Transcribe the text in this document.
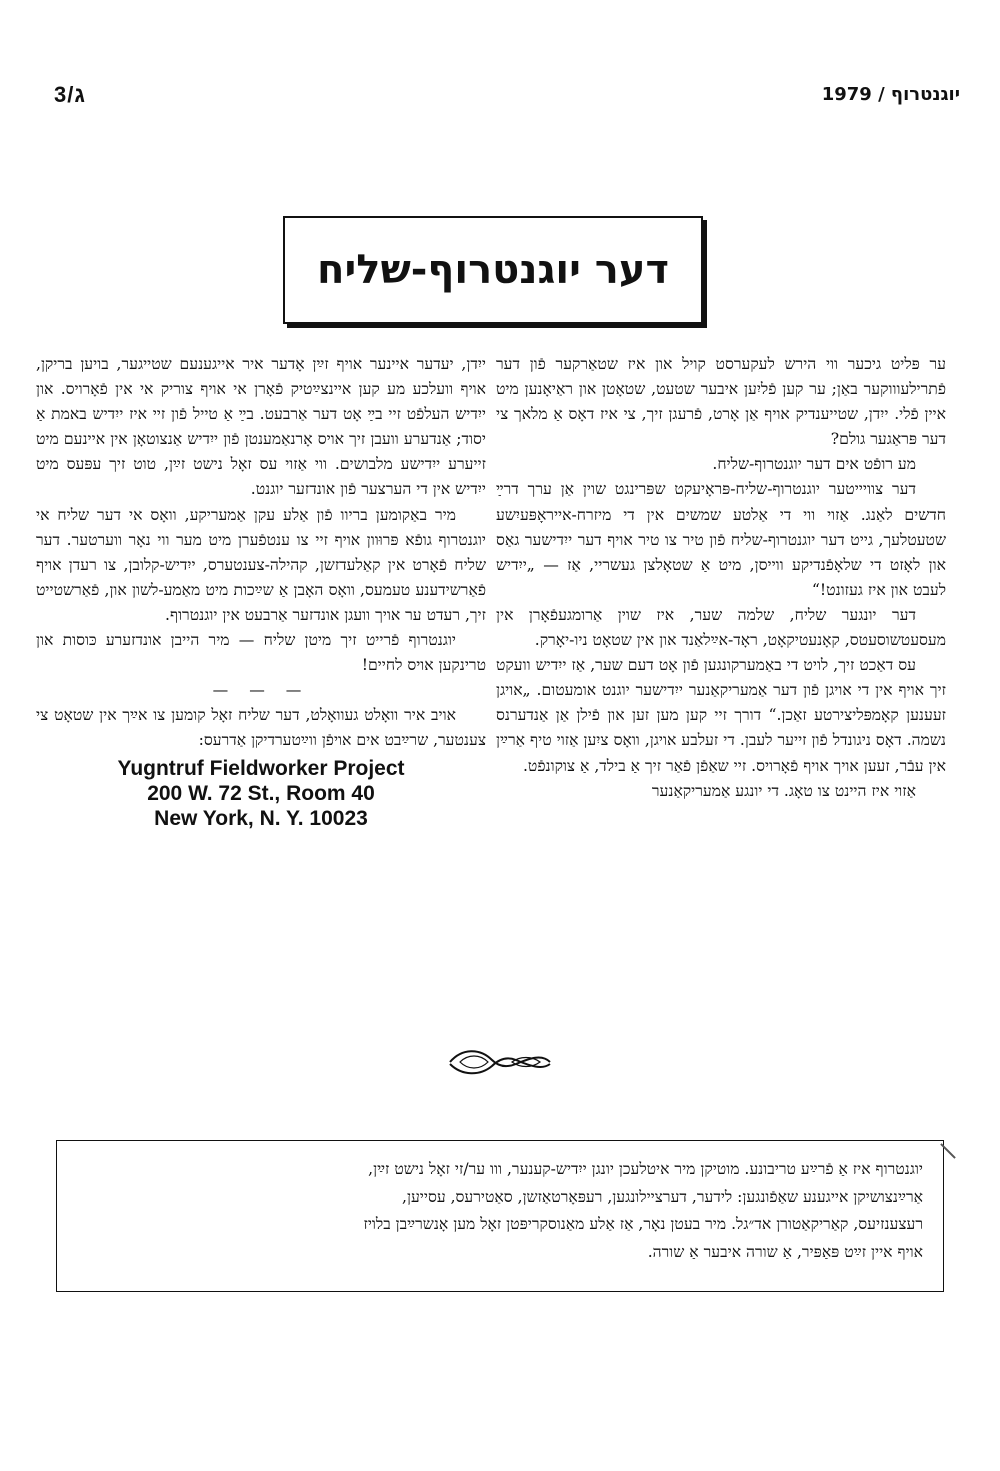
ג/3	יוגנטרוף / 1979
דער יוגנטרוף-שליח

ער פּליט גיכער ווי הירש לעקערסט קויל און איז שטאַרקער פֿון דער פֿתרילעוווקער באַן; ער קען פֿליִען איבער שטעט, שטאָטן און ראַיאָנען מיט איין פֿלי. ייִדן, שטייענדיק אויף אַן אָרט, פֿרעגן זיך, צי איז דאָס אַ מלאך צי דער פּראַגער גולם?

מע רופֿט אים דער יוגנטרוף-שליח.

דער צוויייטער יוגנטרוף-שליח-פּראָיעקט שפּרינגט שוין אַן ערך דרײַ חדשים לאַנג. אַזוי ווי די אַלטע שמשים אין די מיזרח-אייראָפּעיִשע שטעטלעך, גייט דער יוגנטרוף-שליח פֿון טיר צו טיר אויף דער ייִדישער גאַס און לאָזט די שלאָפֿנדיקע ווייסן, מיט אַ שטאָלצן געשריי, אַז — „ייִדיש לעבט און איז געזונט!“

דער יונגער שליח, שלמה שער, איז שוין אַרומגעפֿאָרן אין מעסעטשוסעטס, קאָנעטיקאָט, ראָד-אײַלאַנד און אין שטאָט ניו-יאָרק.

עס דאַכט זיך, לויט די באַמערקונגען פֿון אָט דעם שער, אַז ייִדיש וועקט זיך אויף אין די אויגן פֿון דער אַמעריקאַנער ייִדישער יוגנט אומעטום. „אויגן זעענען קאָמפּליצירטע זאַכן.“ דורך זיי קען מען זען און פֿילן אַן אַנדערנס נשמה. דאָס ניגונדל פֿון זייער לעבן. די זעלבע אויגן, וואָס ציִען אַזוי טיף אַרײַן אין עבֿר, זעען אויך אויף פֿאָרויס. זיי שאַפֿן פֿאַר זיך אַ בילד, אַ צוקונפֿט.

אַזוי איז היינט צו טאָג. די יונגע אַמעריקאַנער

ייִדן, יעדער איינער אויף זײַן אָדער איר אייגענעם שטייגער, בויען בריקן, אויף וועלכע מע קען איינצײַטיק פֿאָרן אי אויף צוריק אי אין פֿאָרויס. און ייִדיש העלפֿט זיי בײַ אָט דער אַרבעט. בײַ אַ טייל פֿון זיי איז ייִדיש באמת אַ יסוד; אַנדערע וועבן זיך אויס אָרנאַמענטן פֿון ייִדיש אַנצוטאָן אין איינעם מיט זייערע ייִדישע מלבושים. ווי אַזוי עס זאָל נישט זײַן, טוט זיך עפּעס מיט ייִדיש אין די הערצער פֿון אונדזער יוגנט.

מיר באַקומען בריוו פֿון אַלע עקן אַמעריקע, וואָס אי דער שליח אי יוגנטרוף גופֿא פּרוּוון אויף זיי צו ענטפֿערן מיט מער ווי נאָר ווערטער. דער שליח פֿאָרט אין קאַלעדזשן, קהילה-צענטערס, ייִדיש-קלובן, צו רעדן אויף פֿאַרשידענע טעמעס, וואָס האָבן אַ שײַכות מיט מאַמע-לשון און, פֿאַרשטייט זיך, רעדט ער אויך וועגן אונדזער אַרבעט אין יוגנטרוף.

יוגנטרוף פֿרייט זיך מיטן שליח — מיר הייבן אונדזערע כּוסות און טרינקען אויס לחיים!

— — —

אויב איר וואָלט געוואָלט, דער שליח זאָל קומען צו אײַך אין שטאָט צי צענטער, שרײַבט אים אויפֿן ווײַטערדיקן אַדרעס:

Yugntruf Fieldworker Project
200 W. 72 St., Room 40
New York, N. Y. 10023
יוגנטרוף איז אַ פֿרײַע טריבונע. מוטיקן מיר איטלעכן יונגן ייִדיש-קענער, ווו ער/זי זאָל נישט זײַן,
אַרײַנצושיקן אייגענע שאַפֿונגען: לידער, דערציילונגען, רעפּאָרטאַזשן, סאַטירעס, עסייען,
רעצענזיעס, קאַריקאַטורן אד״גל. מיר בעטן נאָר, אַז אַלע מאַנוסקריפּטן זאָל מען אָנשרײַבן בלויז
אויף איין זײַט פּאַפּיר, אַ שורה איבער אַ שורה.
